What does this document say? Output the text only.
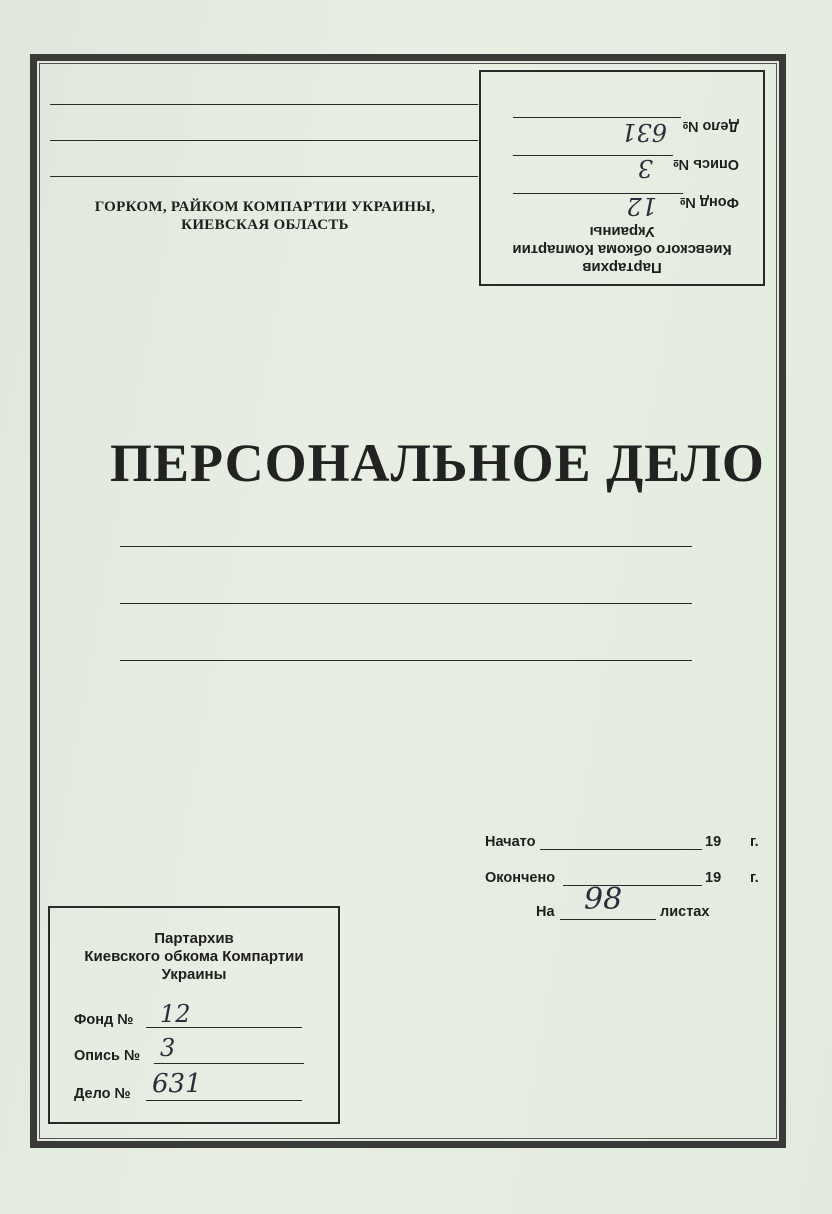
ГОРКОМ, РАЙКОМ КОМПАРТИИ УКРАИНЫ,
КИЕВСКАЯ ОБЛАСТЬ
Партархив
Киевского обкома Компартии
Украины
Фонд №
12
Опись №
3
Дело №
631
ПЕРСОНАЛЬНОЕ ДЕЛО
Начато	19 г.
Окончено	19 г.
На 98	листах
Партархив
Киевского обкома Компартии
Украины
Фонд № 12
Опись № 3
Дело № 631
